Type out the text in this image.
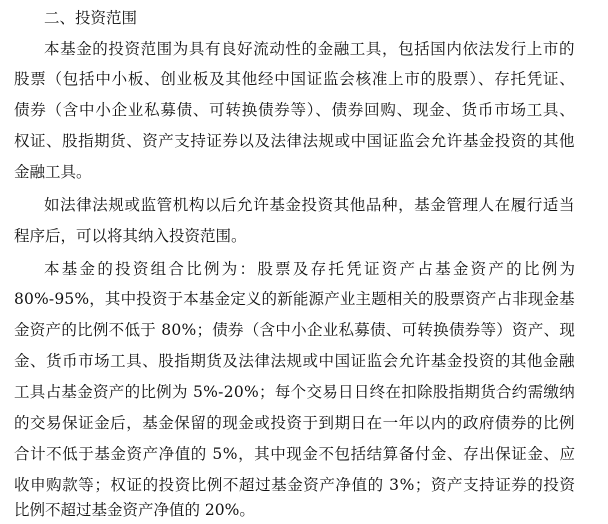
二、投资范围
本基金的投资范围为具有良好流动性的金融工具，包括国内依法发行上市的
股票（包括中小板、创业板及其他经中国证监会核准上市的股票）、存托凭证、
债券（含中小企业私募债、可转换债券等）、债券回购、现金、货币市场工具、
权证、股指期货、资产支持证券以及法律法规或中国证监会允许基金投资的其他
金融工具。
如法律法规或监管机构以后允许基金投资其他品种，基金管理人在履行适当
程序后，可以将其纳入投资范围。
本基金的投资组合比例为：股票及存托凭证资产占基金资产的比例为
80%-95%，其中投资于本基金定义的新能源产业主题相关的股票资产占非现金基
金资产的比例不低于 80%；债券（含中小企业私募债、可转换债券等）资产、现
金、货币市场工具、股指期货及法律法规或中国证监会允许基金投资的其他金融
工具占基金资产的比例为 5%-20%；每个交易日日终在扣除股指期货合约需缴纳
的交易保证金后，基金保留的现金或投资于到期日在一年以内的政府债券的比例
合计不低于基金资产净值的 5%，其中现金不包括结算备付金、存出保证金、应
收申购款等；权证的投资比例不超过基金资产净值的 3%；资产支持证券的投资
比例不超过基金资产净值的 20%。
